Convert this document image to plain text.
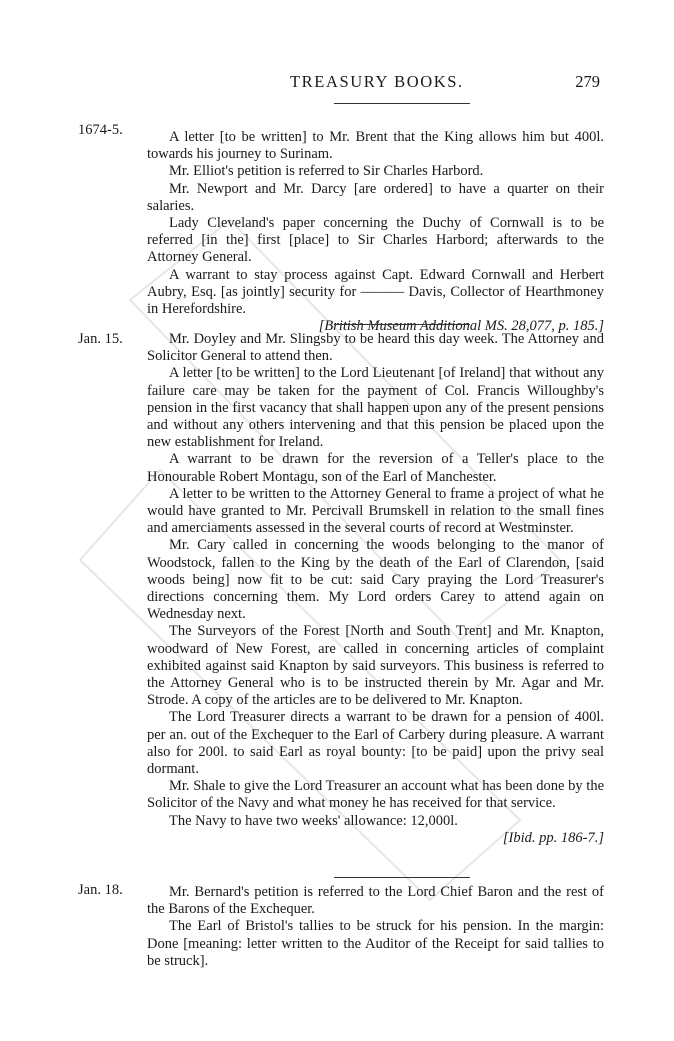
TREASURY BOOKS.	279
1674-5.	A letter [to be written] to Mr. Brent that the King allows him but 400l. towards his journey to Surinam.

Mr. Elliot's petition is referred to Sir Charles Harbord.

Mr. Newport and Mr. Darcy [are ordered] to have a quarter on their salaries.

Lady Cleveland's paper concerning the Duchy of Cornwall is to be referred [in the] first [place] to Sir Charles Harbord; afterwards to the Attorney General.

A warrant to stay process against Capt. Edward Cornwall and Herbert Aubry, Esq. [as jointly] security for ——— Davis, Collector of Hearthmoney in Herefordshire.

[British Museum Additional MS. 28,077, p. 185.]

Jan. 15.	Mr. Doyley and Mr. Slingsby to be heard this day week. The Attorney and Solicitor General to attend then.

A letter [to be written] to the Lord Lieutenant [of Ireland] that without any failure care may be taken for the payment of Col. Francis Willoughby's pension in the first vacancy that shall happen upon any of the present pensions and without any others intervening and that this pension be placed upon the new establishment for Ireland.

A warrant to be drawn for the reversion of a Teller's place to the Honourable Robert Montagu, son of the Earl of Manchester.

A letter to be written to the Attorney General to frame a project of what he would have granted to Mr. Percivall Brumskell in relation to the small fines and amerciaments assessed in the several courts of record at Westminster.

Mr. Cary called in concerning the woods belonging to the manor of Woodstock, fallen to the King by the death of the Earl of Clarendon, [said woods being] now fit to be cut: said Cary praying the Lord Treasurer's directions concerning them. My Lord orders Carey to attend again on Wednesday next.

The Surveyors of the Forest [North and South Trent] and Mr. Knapton, woodward of New Forest, are called in concerning articles of complaint exhibited against said Knapton by said surveyors. This business is referred to the Attorney General who is to be instructed therein by Mr. Agar and Mr. Strode. A copy of the articles are to be delivered to Mr. Knapton.

The Lord Treasurer directs a warrant to be drawn for a pension of 400l. per an. out of the Exchequer to the Earl of Carbery during pleasure. A warrant also for 200l. to said Earl as royal bounty: [to be paid] upon the privy seal dormant.

Mr. Shale to give the Lord Treasurer an account what has been done by the Solicitor of the Navy and what money he has received for that service.

The Navy to have two weeks' allowance: 12,000l.

[Ibid. pp. 186-7.]

Jan. 18.	Mr. Bernard's petition is referred to the Lord Chief Baron and the rest of the Barons of the Exchequer.

The Earl of Bristol's tallies to be struck for his pension. In the margin: Done [meaning: letter written to the Auditor of the Receipt for said tallies to be struck].
